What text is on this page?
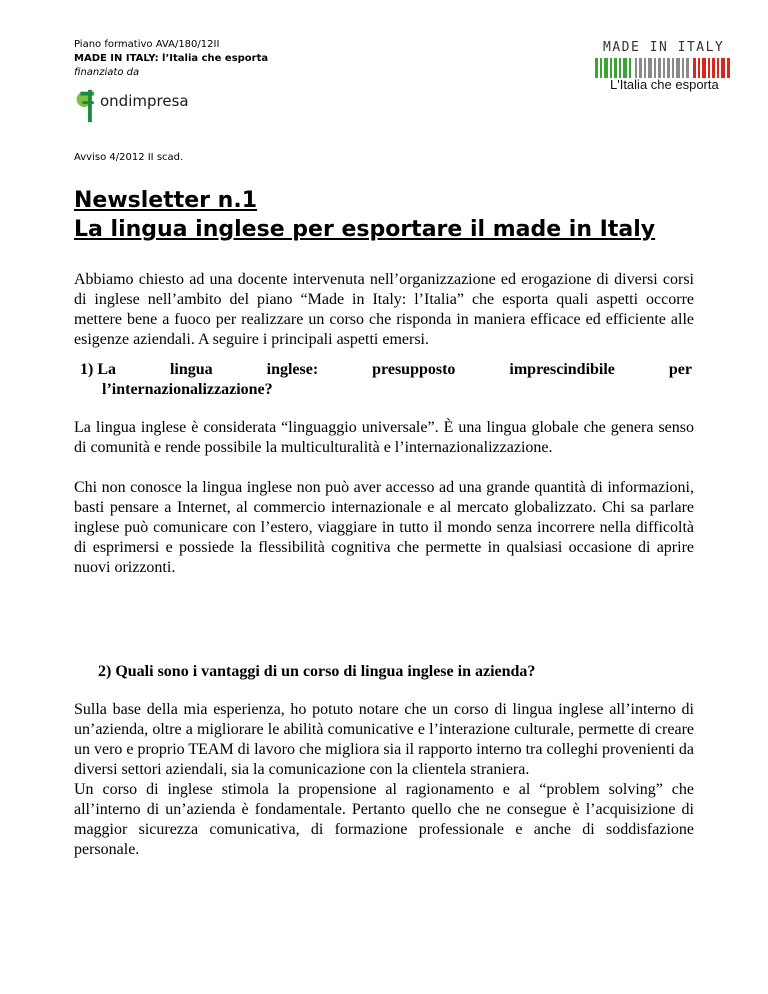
Piano formativo AVA/180/12II
MADE IN ITALY: l’Italia che esporta
finanziato da
ondimpresa
Avviso 4/2012 II scad.
MADE IN ITALY
L'Italia che esporta
Newsletter n.1
La lingua inglese per esportare il made in Italy
Abbiamo chiesto ad una docente intervenuta nell’organizzazione ed erogazione di diversi corsi di inglese nell’ambito del piano “Made in Italy: l’Italia” che esporta quali aspetti occorre mettere bene a fuoco per realizzare un corso che risponda in maniera efficace ed efficiente alle esigenze aziendali. A seguire i principali aspetti emersi.
1) La	lingua	inglese:	presupposto	imprescindibile	per
l’internazionalizzazione?
La lingua inglese è considerata “linguaggio universale”. È una lingua globale che genera senso di comunità e rende possibile la multiculturalità e l’internazionalizzazione.
Chi non conosce la lingua inglese non può aver accesso ad una grande quantità di informazioni, basti pensare a Internet, al commercio internazionale e al mercato globalizzato. Chi sa parlare inglese può comunicare con l’estero, viaggiare in tutto il mondo senza incorrere nella difficoltà di esprimersi e possiede la flessibilità cognitiva che permette in qualsiasi occasione di aprire nuovi orizzonti.
2) Quali sono i vantaggi di un corso di lingua inglese in azienda?
Sulla base della mia esperienza, ho potuto notare che un corso di lingua inglese all’interno di un’azienda, oltre a migliorare le abilità comunicative e l’interazione culturale, permette di creare un vero e proprio TEAM di lavoro che migliora sia il rapporto interno tra colleghi provenienti da diversi settori aziendali, sia la comunicazione con la clientela straniera.
Un corso di inglese stimola la propensione al ragionamento e al “problem solving” che all’interno di un’azienda è fondamentale. Pertanto quello che ne consegue è l’acquisizione di maggior sicurezza comunicativa, di formazione professionale e anche di soddisfazione personale.
